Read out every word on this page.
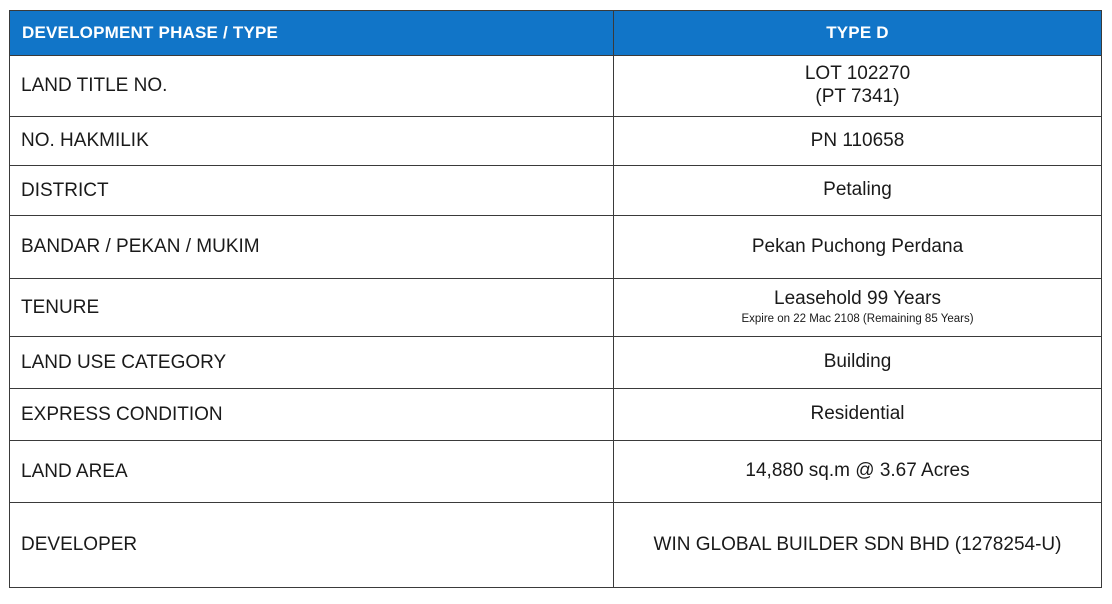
DEVELOPMENT PHASE / TYPE	TYPE D
LAND TITLE NO.	LOT 102270
(PT 7341)

NO. HAKMILIK	PN 110658
DISTRICT	Petaling
BANDAR / PEKAN / MUKIM	Pekan Puchong Perdana
TENURE	Leasehold 99 Years
Expire on 22 Mac 2108 (Remaining 85 Years)

LAND USE CATEGORY	Building
EXPRESS CONDITION	Residential
LAND AREA	14,880 sq.m @ 3.67 Acres
DEVELOPER	WIN GLOBAL BUILDER SDN BHD (1278254-U)
